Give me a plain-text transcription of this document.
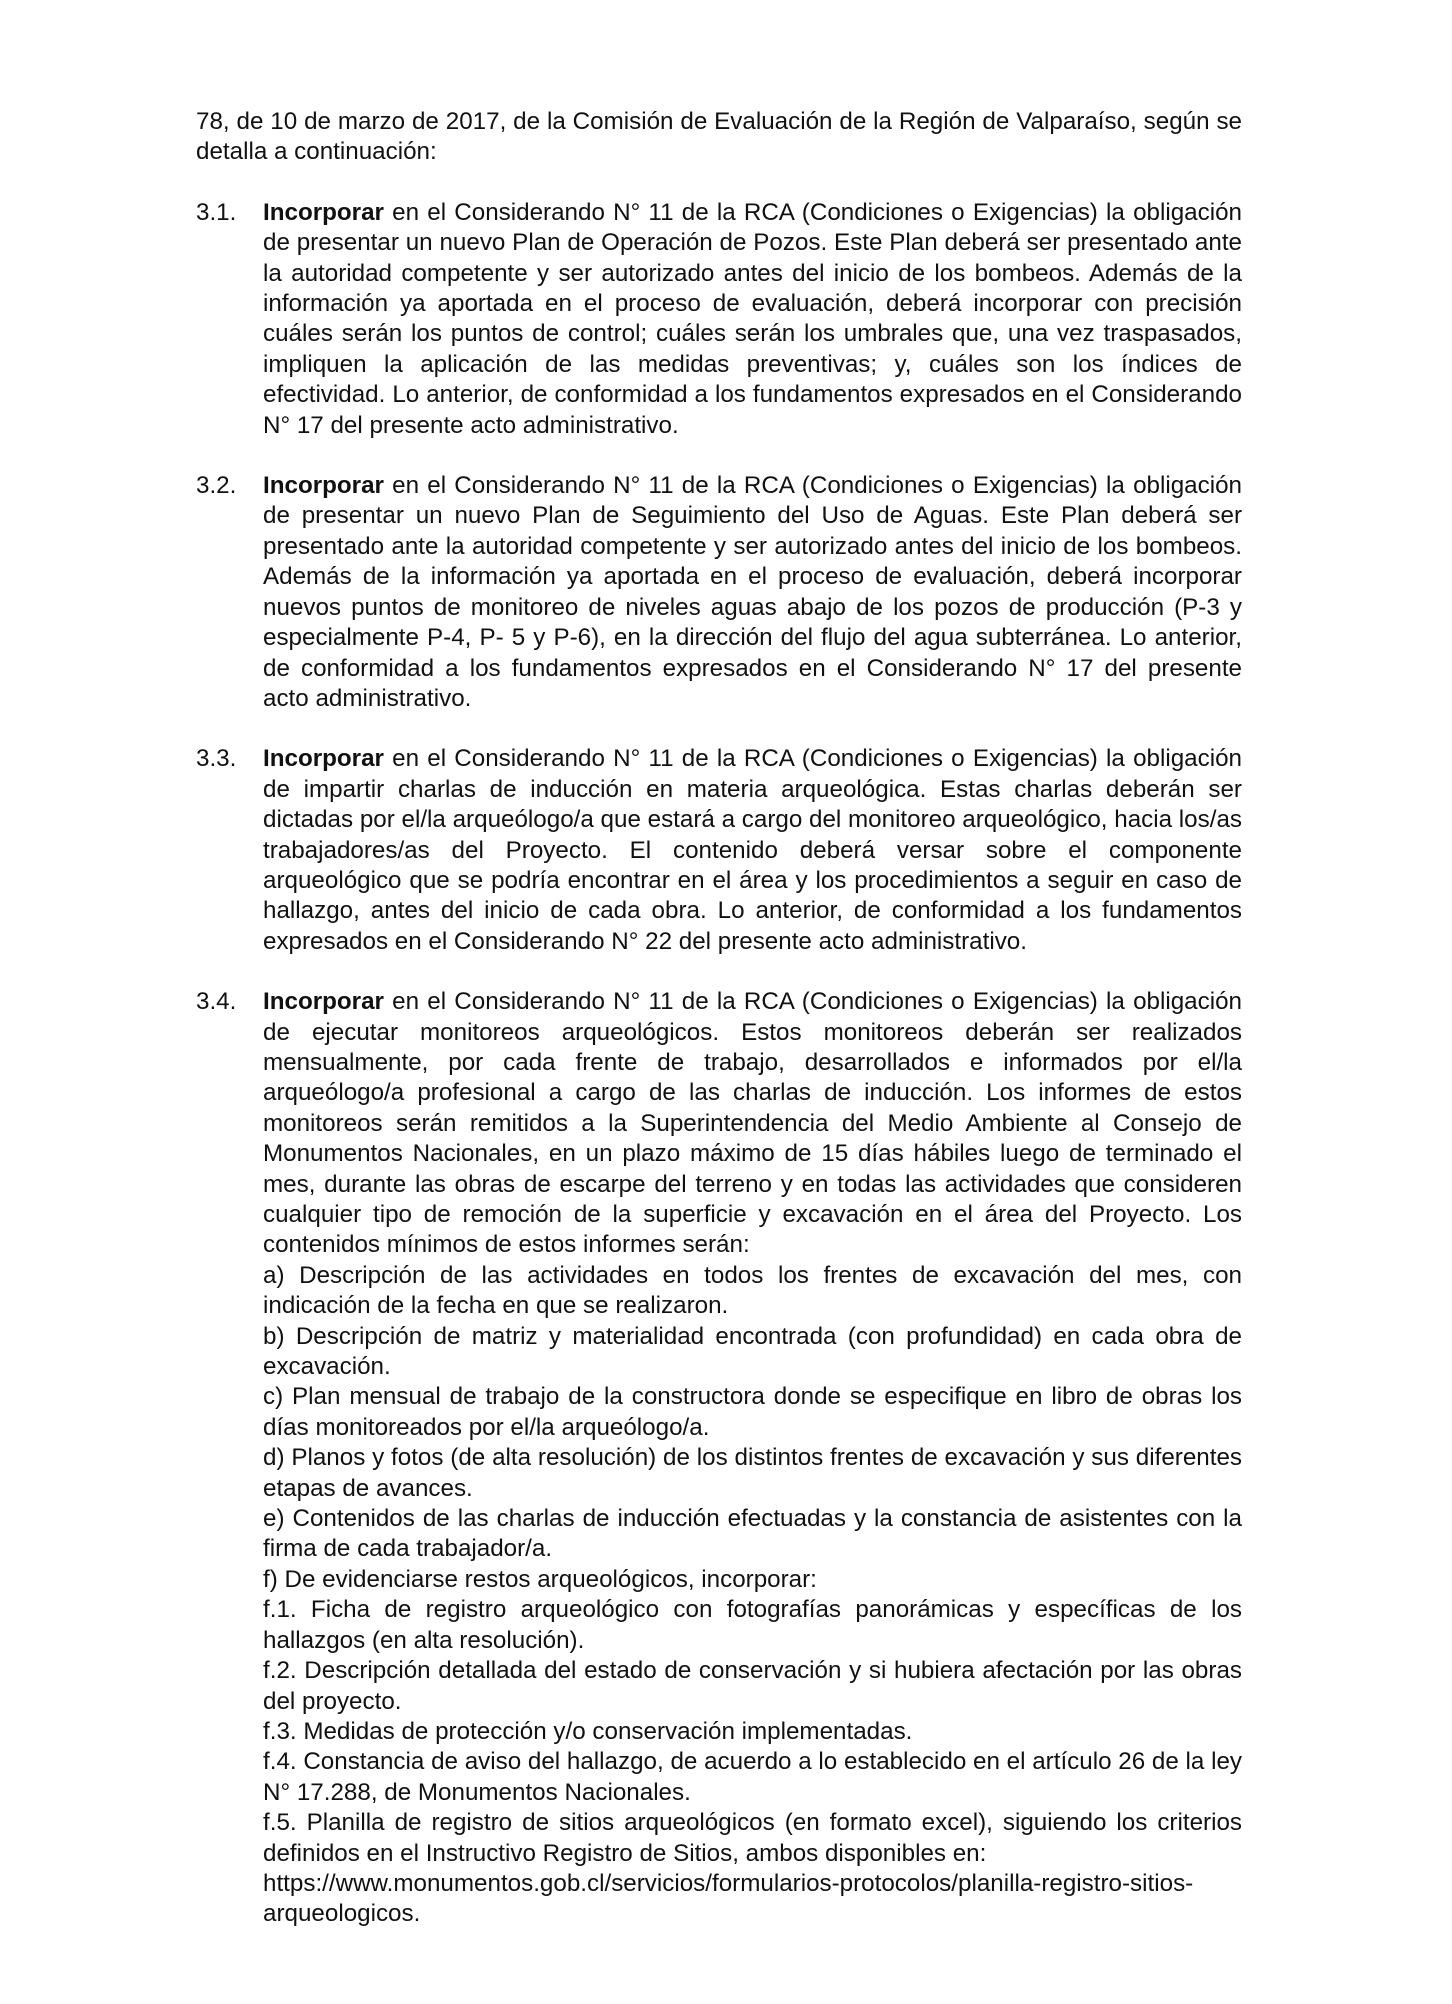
78, de 10 de marzo de 2017, de la Comisión de Evaluación de la Región de Valparaíso, según se detalla a continuación:

3.1.	Incorporar en el Considerando N° 11 de la RCA (Condiciones o Exigencias) la obligación de presentar un nuevo Plan de Operación de Pozos. Este Plan deberá ser presentado ante la autoridad competente y ser autorizado antes del inicio de los bombeos. Además de la información ya aportada en el proceso de evaluación, deberá incorporar con precisión cuáles serán los puntos de control; cuáles serán los umbrales que, una vez traspasados, impliquen la aplicación de las medidas preventivas; y, cuáles son los índices de efectividad. Lo anterior, de conformidad a los fundamentos expresados en el Considerando N° 17 del presente acto administrativo.

3.2.	Incorporar en el Considerando N° 11 de la RCA (Condiciones o Exigencias) la obligación de presentar un nuevo Plan de Seguimiento del Uso de Aguas. Este Plan deberá ser presentado ante la autoridad competente y ser autorizado antes del inicio de los bombeos. Además de la información ya aportada en el proceso de evaluación, deberá incorporar nuevos puntos de monitoreo de niveles aguas abajo de los pozos de producción (P-3 y especialmente P-4, P- 5 y P-6), en la dirección del flujo del agua subterránea. Lo anterior, de conformidad a los fundamentos expresados en el Considerando N° 17 del presente acto administrativo.

3.3.	Incorporar en el Considerando N° 11 de la RCA (Condiciones o Exigencias) la obligación de impartir charlas de inducción en materia arqueológica. Estas charlas deberán ser dictadas por el/la arqueólogo/a que estará a cargo del monitoreo arqueológico, hacia los/as trabajadores/as del Proyecto. El contenido deberá versar sobre el componente arqueológico que se podría encontrar en el área y los procedimientos a seguir en caso de hallazgo, antes del inicio de cada obra. Lo anterior, de conformidad a los fundamentos expresados en el Considerando N° 22 del presente acto administrativo.

3.4.	Incorporar en el Considerando N° 11 de la RCA (Condiciones o Exigencias) la obligación de ejecutar monitoreos arqueológicos. Estos monitoreos deberán ser realizados mensualmente, por cada frente de trabajo, desarrollados e informados por el/la arqueólogo/a profesional a cargo de las charlas de inducción. Los informes de estos monitoreos serán remitidos a la Superintendencia del Medio Ambiente al Consejo de Monumentos Nacionales, en un plazo máximo de 15 días hábiles luego de terminado el mes, durante las obras de escarpe del terreno y en todas las actividades que consideren cualquier tipo de remoción de la superficie y excavación en el área del Proyecto. Los contenidos mínimos de estos informes serán:

a) Descripción de las actividades en todos los frentes de excavación del mes, con indicación de la fecha en que se realizaron.

b) Descripción de matriz y materialidad encontrada (con profundidad) en cada obra de excavación.

c) Plan mensual de trabajo de la constructora donde se especifique en libro de obras los días monitoreados por el/la arqueólogo/a.

d) Planos y fotos (de alta resolución) de los distintos frentes de excavación y sus diferentes etapas de avances.

e) Contenidos de las charlas de inducción efectuadas y la constancia de asistentes con la firma de cada trabajador/a.

f) De evidenciarse restos arqueológicos, incorporar:

f.1. Ficha de registro arqueológico con fotografías panorámicas y específicas de los hallazgos (en alta resolución).

f.2. Descripción detallada del estado de conservación y si hubiera afectación por las obras del proyecto.

f.3. Medidas de protección y/o conservación implementadas.

f.4. Constancia de aviso del hallazgo, de acuerdo a lo establecido en el artículo 26 de la ley N° 17.288, de Monumentos Nacionales.

f.5. Planilla de registro de sitios arqueológicos (en formato excel), siguiendo los criterios definidos en el Instructivo Registro de Sitios, ambos disponibles en:

https://www.monumentos.gob.cl/servicios/formularios-protocolos/planilla-registro-sitios-arqueologicos.
